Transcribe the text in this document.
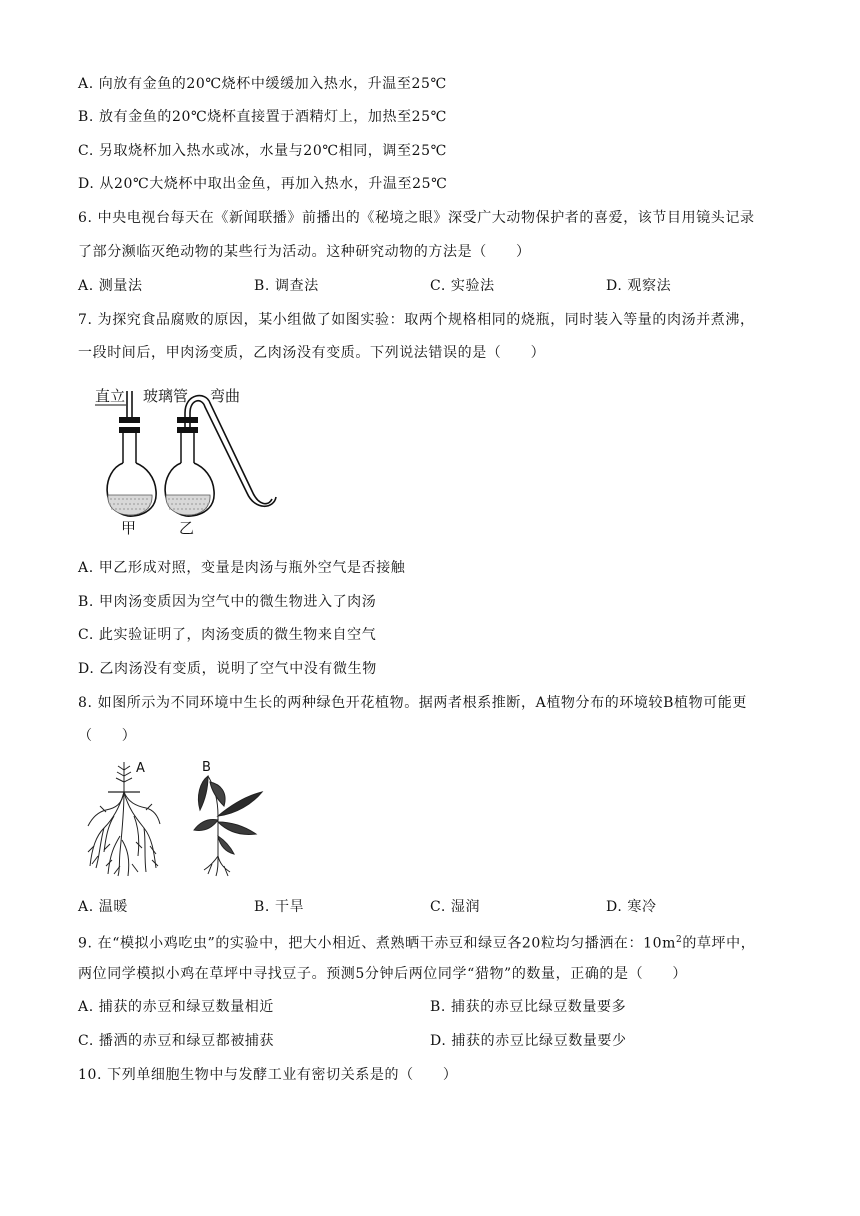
A. 向放有金鱼的20℃烧杯中缓缓加入热水，升温至25℃
B. 放有金鱼的20℃烧杯直接置于酒精灯上，加热至25℃
C. 另取烧杯加入热水或冰，水量与20℃相同，调至25℃
D. 从20℃大烧杯中取出金鱼，再加入热水，升温至25℃
6. 中央电视台每天在《新闻联播》前播出的《秘境之眼》深受广大动物保护者的喜爱，该节目用镜头记录
了部分濒临灭绝动物的某些行为活动。这种研究动物的方法是（　　）
A. 测量法	B. 调查法	C. 实验法	D. 观察法
7. 为探究食品腐败的原因，某小组做了如图实验：取两个规格相同的烧瓶，同时装入等量的肉汤并煮沸，
一段时间后，甲肉汤变质，乙肉汤没有变质。下列说法错误的是（　　）
直立 玻璃管 弯曲
甲	乙
A. 甲乙形成对照，变量是肉汤与瓶外空气是否接触
B. 甲肉汤变质因为空气中的微生物进入了肉汤
C. 此实验证明了，肉汤变质的微生物来自空气
D. 乙肉汤没有变质，说明了空气中没有微生物
8. 如图所示为不同环境中生长的两种绿色开花植物。据两者根系推断，A植物分布的环境较B植物可能更
（　　）
A	B
A. 温暖	B. 干旱	C. 湿润	D. 寒冷
9. 在“模拟小鸡吃虫”的实验中，把大小相近、煮熟晒干赤豆和绿豆各20粒均匀播洒在：$10m^2$的草坪中，
两位同学模拟小鸡在草坪中寻找豆子。预测5分钟后两位同学“猎物”的数量，正确的是（　　）
A. 捕获的赤豆和绿豆数量相近	B. 捕获的赤豆比绿豆数量要多
C. 播洒的赤豆和绿豆都被捕获	D. 捕获的赤豆比绿豆数量要少
10. 下列单细胞生物中与发酵工业有密切关系是的（　　）
